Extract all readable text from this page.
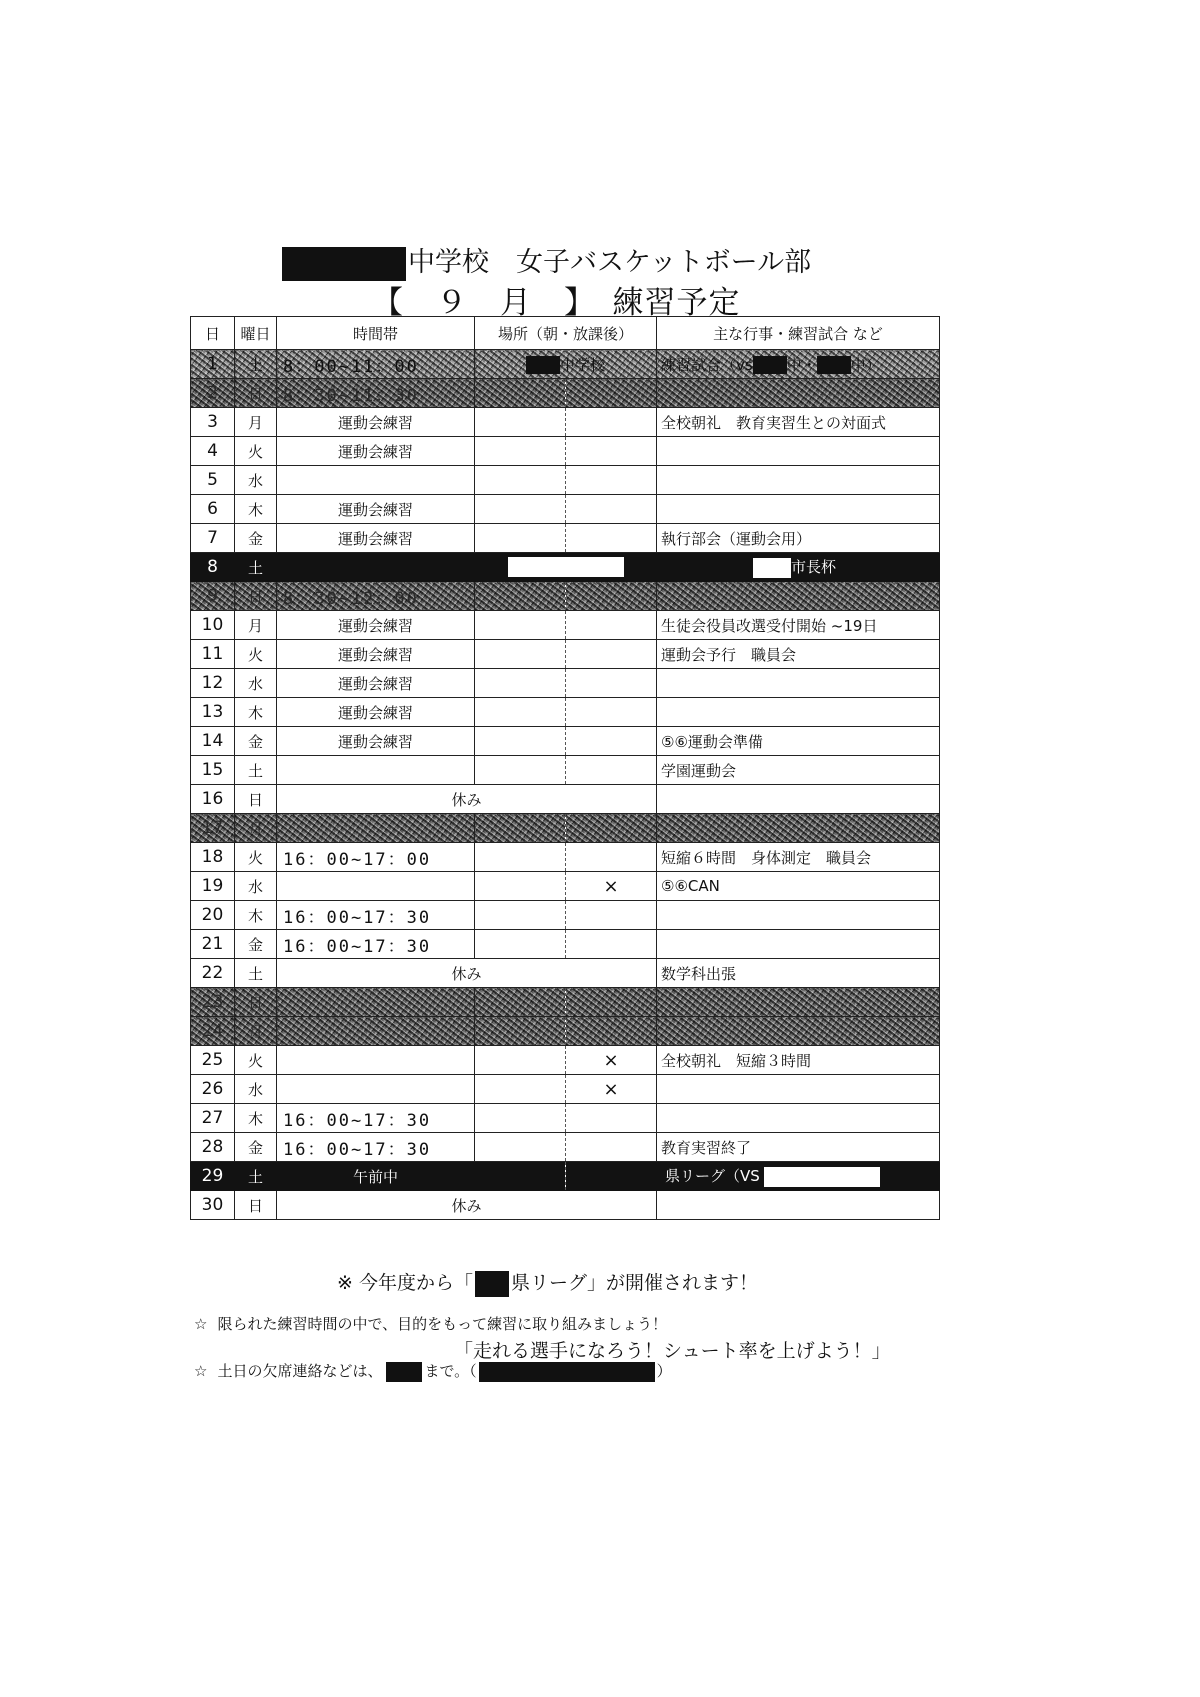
中学校　女子バスケットボール部
【　９　月　】　練習予定
日	曜日	時間帯	場所（朝・放課後）		主な行事・練習試合 など
1	土	8：00~11：00	中学校		練習試合（vs 中・ 中）
2	日	8：30~11：30			
3	月	運動会練習			全校朝礼　教育実習生との対面式
4	火	運動会練習			
5	水				
6	木	運動会練習			
7	金	運動会練習			執行部会（運動会用）
8	土				市長杯
9	日	8：30~12：00			
10	月	運動会練習			生徒会役員改選受付開始 ~19日
11	火	運動会練習			運動会予行　職員会
12	水	運動会練習			
13	木	運動会練習			
14	金	運動会練習			⑤⑥運動会準備
15	土				学園運動会
16	日	休み			
17	月				
18	火	16：00~17：00			短縮６時間　身体測定　職員会
19	水			×	⑤⑥CAN
20	木	16：00~17：30			
21	金	16：00~17：30			
22	土	休み			数学科出張
23	日				
24	月				
25	火			×	全校朝礼　短縮３時間
26	水			×	
27	木	16：00~17：30			
28	金	16：00~17：30			教育実習終了
29	土	午前中			県リーグ（VS
30	日	休み			
※ 今年度から「 県リーグ」が開催されます！
☆ 限られた練習時間の中で、目的をもって練習に取り組みましょう！
「走れる選手になろう！シュート率を上げよう！」
☆ 土日の欠席連絡などは、	まで。（	）
